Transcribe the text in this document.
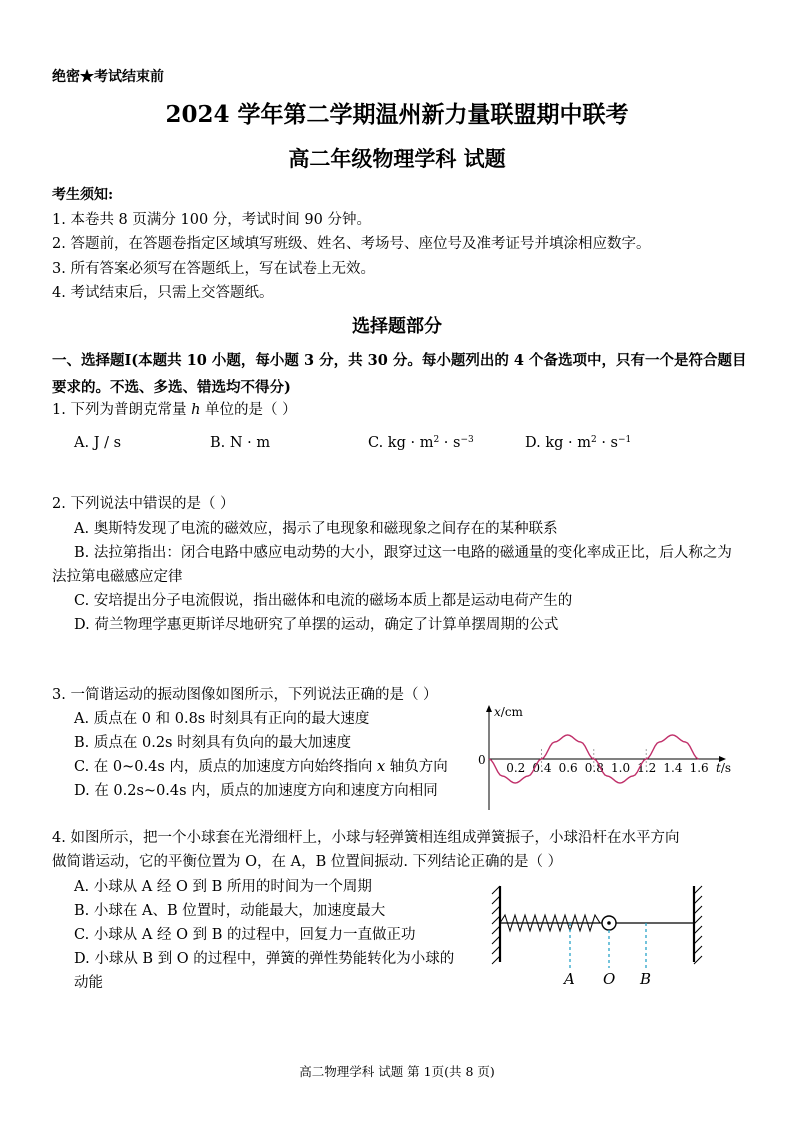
绝密★考试结束前
2024 学年第二学期温州新力量联盟期中联考
高二年级物理学科 试题
考生须知:
1. 本卷共 8 页满分 100 分，考试时间 90 分钟。
2. 答题前，在答题卷指定区域填写班级、姓名、考场号、座位号及准考证号并填涂相应数字。
3. 所有答案必须写在答题纸上，写在试卷上无效。
4. 考试结束后，只需上交答题纸。
选择题部分
一、选择题Ⅰ(本题共 10 小题，每小题 3 分，共 30 分。每小题列出的 4 个备选项中，只有一个是符合题目要求的。不选、多选、错选均不得分)
1. 下列为普朗克常量 h 单位的是（ ）
A. J / s	B. N · m	C. kg · $m^2 \cdot s^{-3}$	D. kg · $m^2 \cdot s^{-1}$
2. 下列说法中错误的是（ ）
A. 奥斯特发现了电流的磁效应，揭示了电现象和磁现象之间存在的某种联系
B. 法拉第指出：闭合电路中感应电动势的大小，跟穿过这一电路的磁通量的变化率成正比，后人称之为法拉第电磁感应定律
C. 安培提出分子电流假说，指出磁体和电流的磁场本质上都是运动电荷产生的
D. 荷兰物理学惠更斯详尽地研究了单摆的运动，确定了计算单摆周期的公式
3. 一简谐运动的振动图像如图所示，下列说法正确的是（ ）
A. 质点在 0 和 0.8s 时刻具有正向的最大速度
B. 质点在 0.2s 时刻具有负向的最大加速度
C. 在 0~0.4s 内，质点的加速度方向始终指向 x 轴负方向
D. 在 0.2s~0.4s 内，质点的加速度方向和速度方向相同
x/cm
t/s
0
0.2 0.4 0.6 0.8 1.0 1.2 1.4 1.6
4. 如图所示，把一个小球套在光滑细杆上，小球与轻弹簧相连组成弹簧振子，小球沿杆在水平方向
做简谐运动，它的平衡位置为 O，在 A，B 位置间振动. 下列结论正确的是（ ）
A. 小球从 A 经 O 到 B 所用的时间为一个周期
B. 小球在 A、B 位置时，动能最大，加速度最大
C. 小球从 A 经 O 到 B 的过程中，回复力一直做正功
D. 小球从 B 到 O 的过程中，弹簧的弹性势能转化为小球的
动能	A O B
高二物理学科 试题 第 1页(共 8 页)
